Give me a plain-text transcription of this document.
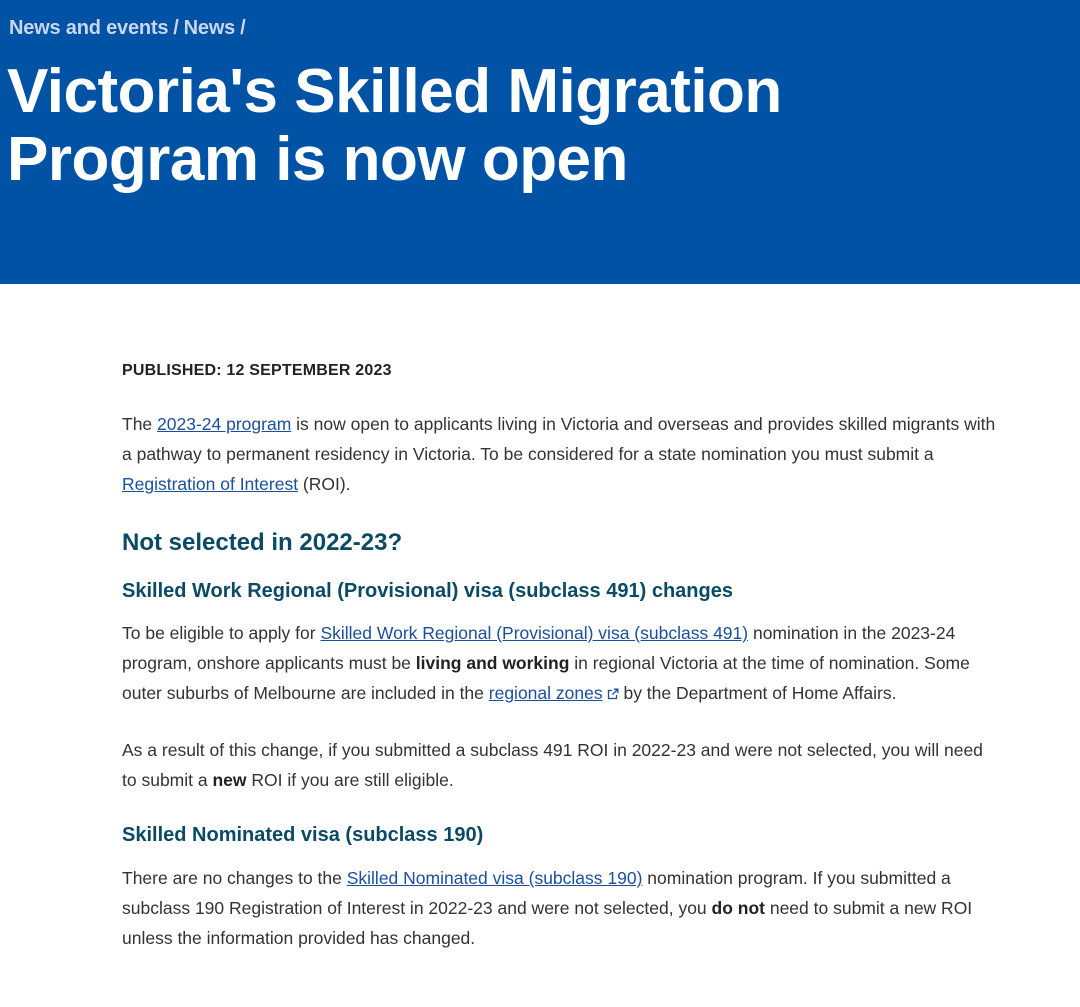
News and events / News /
Victoria's Skilled Migration Program is now open
PUBLISHED: 12 SEPTEMBER 2023

The 2023-24 program is now open to applicants living in Victoria and overseas and provides skilled migrants with a pathway to permanent residency in Victoria. To be considered for a state nomination you must submit a Registration of Interest (ROI).

Not selected in 2022-23?
Skilled Work Regional (Provisional) visa (subclass 491) changes

To be eligible to apply for Skilled Work Regional (Provisional) visa (subclass 491) nomination in the 2023-24 program, onshore applicants must be living and working in regional Victoria at the time of nomination. Some outer suburbs of Melbourne are included in the regional zones by the Department of Home Affairs.

As a result of this change, if you submitted a subclass 491 ROI in 2022-23 and were not selected, you will need to submit a new ROI if you are still eligible.

Skilled Nominated visa (subclass 190)

There are no changes to the Skilled Nominated visa (subclass 190) nomination program. If you submitted a subclass 190 Registration of Interest in 2022-23 and were not selected, you do not need to submit a new ROI unless the information provided has changed.
